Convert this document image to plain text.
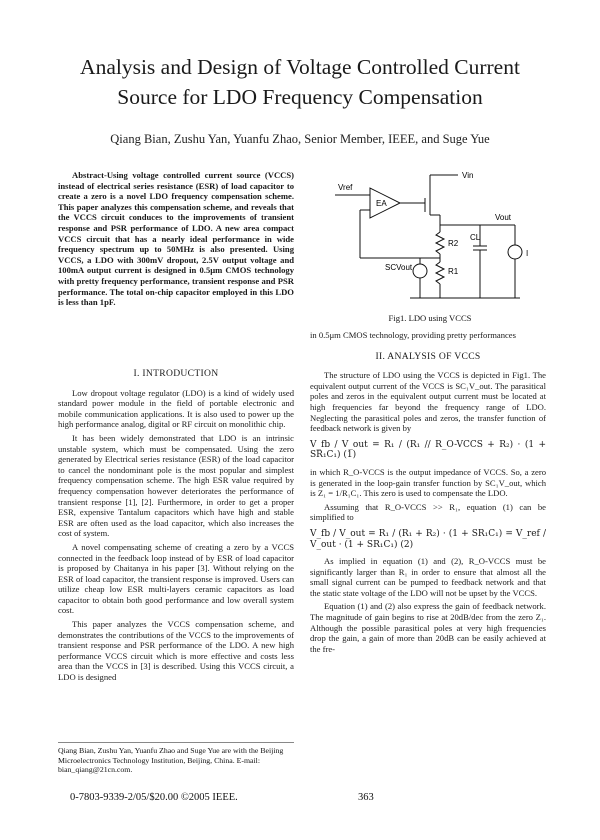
Analysis and Design of Voltage Controlled Current
Source for LDO Frequency Compensation
Qiang Bian, Zushu Yan, Yuanfu Zhao, Senior Member, IEEE, and Suge Yue

Abstract-Using voltage controlled current source (VCCS) instead of electrical series resistance (ESR) of load capacitor to create a zero is a novel LDO frequency compensation scheme. This paper analyzes this compensation scheme, and reveals that the VCCS circuit conduces to the improvements of transient response and PSR performance of LDO. A new area compact VCCS circuit that has a nearly ideal performance in wide frequency spectrum up to 50MHz is also presented. Using VCCS, a LDO with 300mV dropout, 2.5V output voltage and 100mA output current is designed in 0.5μm CMOS technology with pretty frequency performance, transient response and PSR performance. The total on-chip capacitor employed in this LDO is less than 1pF.

I. INTRODUCTION

Low dropout voltage regulator (LDO) is a kind of widely used standard power module in the field of portable electronic and mobile communication applications. It is also used to power up the high performance analog, digital or RF circuit on monolithic chip.

It has been widely demonstrated that LDO is an intrinsic unstable system, which must be compensated. Using the zero generated by Electrical series resistance (ESR) of the load capacitor to cancel the nondominant pole is the most popular and simplest frequency compensation scheme. The high ESR value required by frequency compensation however deteriorates the performance of transient response [1], [2]. Furthermore, in order to get a proper ESR, expensive Tantalum capacitors which have high and stable ESR are often used as the load capacitor, which also increases the cost of system.

A novel compensating scheme of creating a zero by a VCCS connected in the feedback loop instead of by ESR of load capacitor is proposed by Chaitanya in his paper [3]. Without relying on the ESR of load capacitor, the transient response is improved. Users can utilize cheap low ESR multi-layers ceramic capacitors as load capacitor to obtain both good performance and low overall system cost.

This paper analyzes the VCCS compensation scheme, and demonstrates the contributions of the VCCS to the improvements of transient response and PSR performance of the LDO. A new high performance VCCS circuit which is more effective and costs less area than the VCCS in [3] is described. Using this VCCS circuit, a LDO is designed

Qiang Bian, Zushu Yan, Yuanfu Zhao and Suge Yue are with the Beijing Microelectronics Technology Institution, Beijing, China. E-mail: bian_qiang@21cn.com.
Vin
Vref
EA
Vout
R2
R1
CL
SCVout
I
Fig1. LDO using VCCS

in 0.5μm CMOS technology, providing pretty performances

II. ANALYSIS OF VCCS

The structure of LDO using the VCCS is depicted in Fig1. The equivalent output current of the VCCS is SC₁V_out. The parasitical poles and zeros in the equivalent output current must be located at high frequencies far beyond the frequency range of LDO. Neglecting the parasitical poles and zeros, the transfer function of feedback network is given by

V_fb / V_out = R₁ / (R₁ // R_O-VCCS + R₂) · (1 + SR₁C₁) (1)

in which R_O-VCCS is the output impedance of VCCS. So, a zero is generated in the loop-gain transfer function by SC₁V_out, which is Z₁ = 1/R₁C₁. This zero is used to compensate the LDO.

Assuming that R_O-VCCS >> R₁, equation (1) can be simplified to

V_fb / V_out = R₁ / (R₁ + R₂) · (1 + SR₁C₁) = V_ref / V_out · (1 + SR₁C₁) (2)

As implied in equation (1) and (2), R_O-VCCS must be significantly larger than R₁ in order to ensure that almost all the small signal current can be pumped to feedback network and that the static state voltage of the LDO will not be upset by the VCCS.

Equation (1) and (2) also express the gain of feedback network. The magnitude of gain begins to rise at 20dB/dec from the zero Z₁. Although the possible parasitical poles at very high frequencies drop the gain, a gain of more than 20dB can be easily achieved at the fre-

0-7803-9339-2/05/$20.00 ©2005 IEEE.	363
